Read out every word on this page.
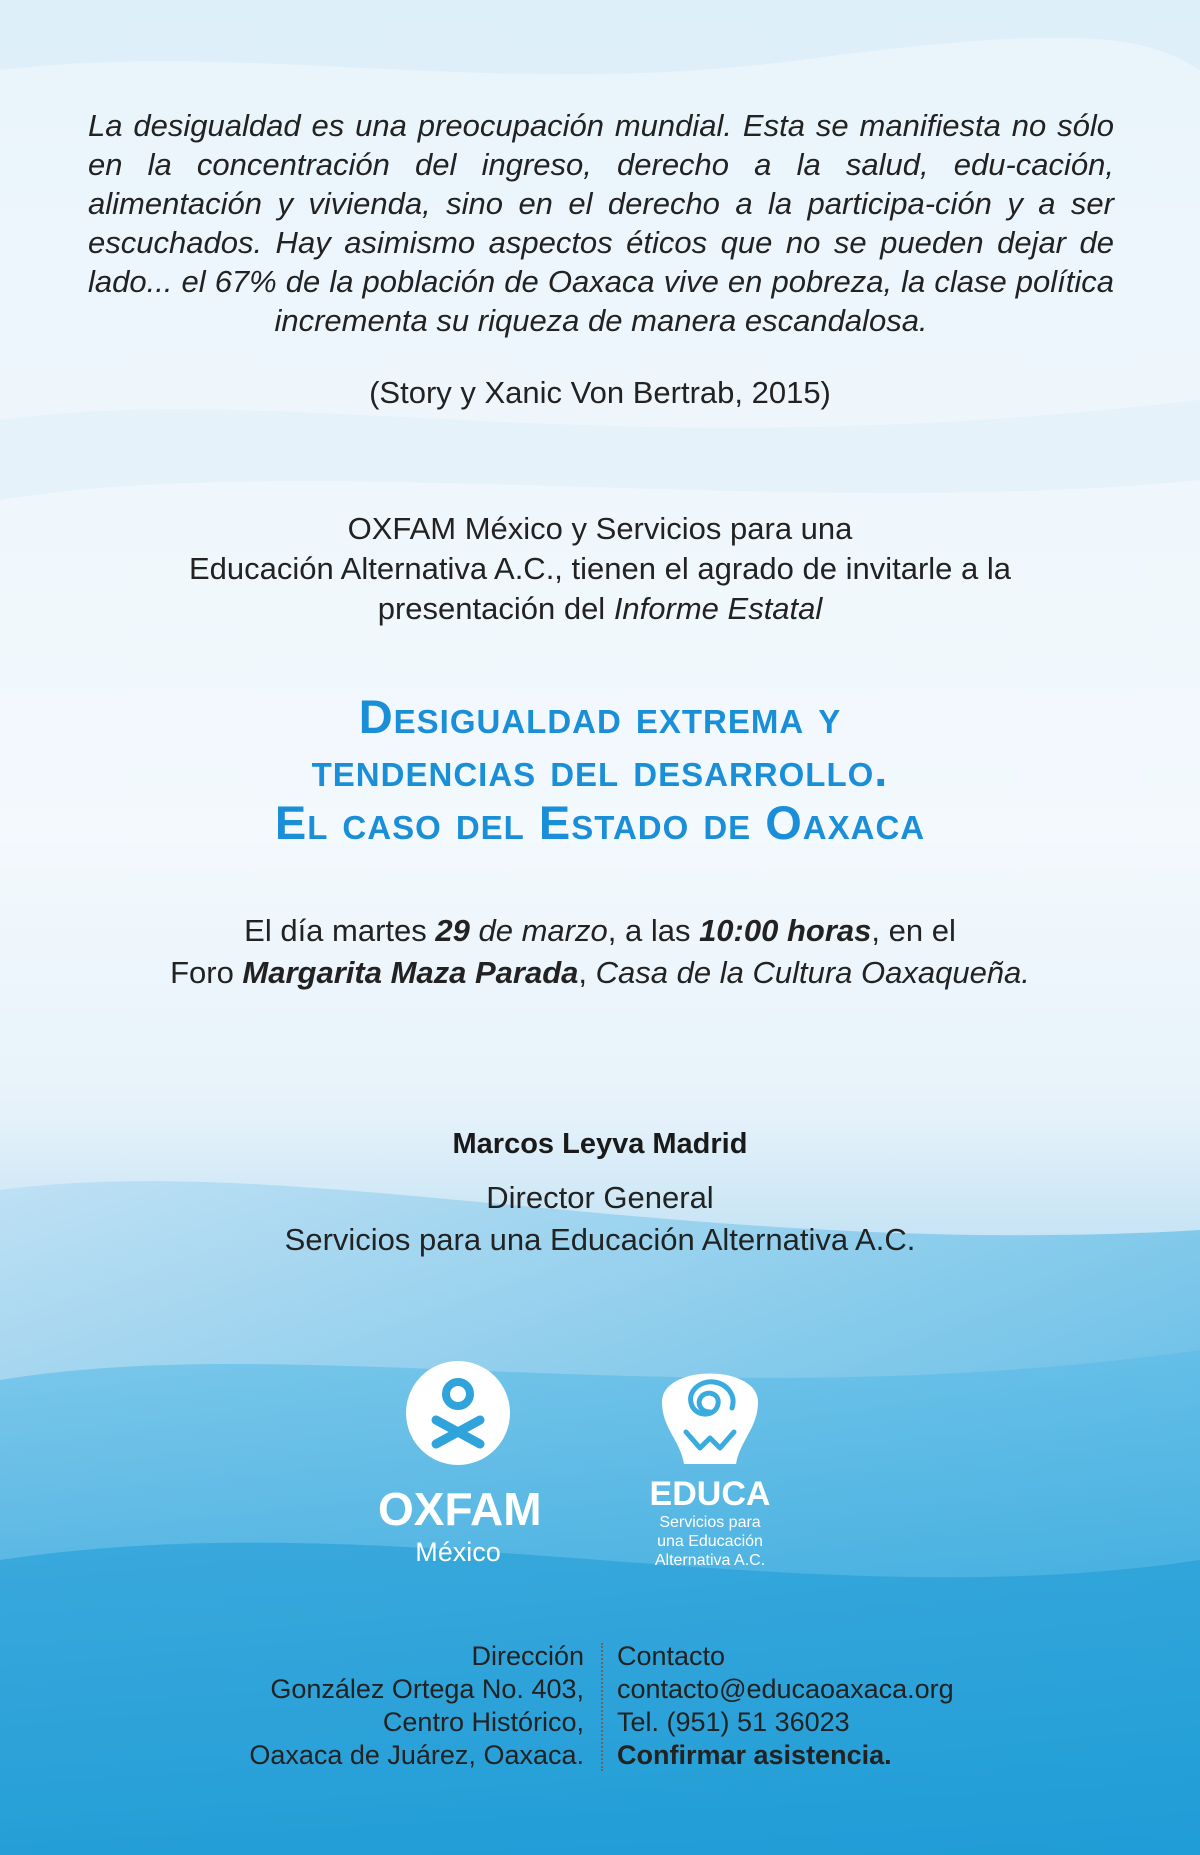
La desigualdad es una preocupación mundial. Esta se manifiesta no sólo en la concentración del ingreso, derecho a la salud, edu-cación, alimentación y vivienda, sino en el derecho a la participa-ción y a ser escuchados. Hay asimismo aspectos éticos que no se pueden dejar de lado... el 67% de la población de Oaxaca vive en pobreza, la clase política incrementa su riqueza de manera escandalosa.

(Story y Xanic Von Bertrab, 2015)
OXFAM México y Servicios para una
Educación Alternativa A.C., tienen el agrado de invitarle a la
presentación del Informe Estatal
Desigualdad extrema y
tendencias del desarrollo.
El caso del Estado de Oaxaca
El día martes 29 de marzo, a las 10:00 horas, en el
Foro Margarita Maza Parada, Casa de la Cultura Oaxaqueña.
Marcos Leyva Madrid
Director General
Servicios para una Educación Alternativa A.C.
OXFAM
México
EDUCA
Servicios para
una Educación
Alternativa A.C.
Dirección
González Ortega No. 403,
Centro Histórico,
Oaxaca de Juárez, Oaxaca.
Contacto
contacto@educaoaxaca.org
Tel. (951) 51 36023
Confirmar asistencia.
